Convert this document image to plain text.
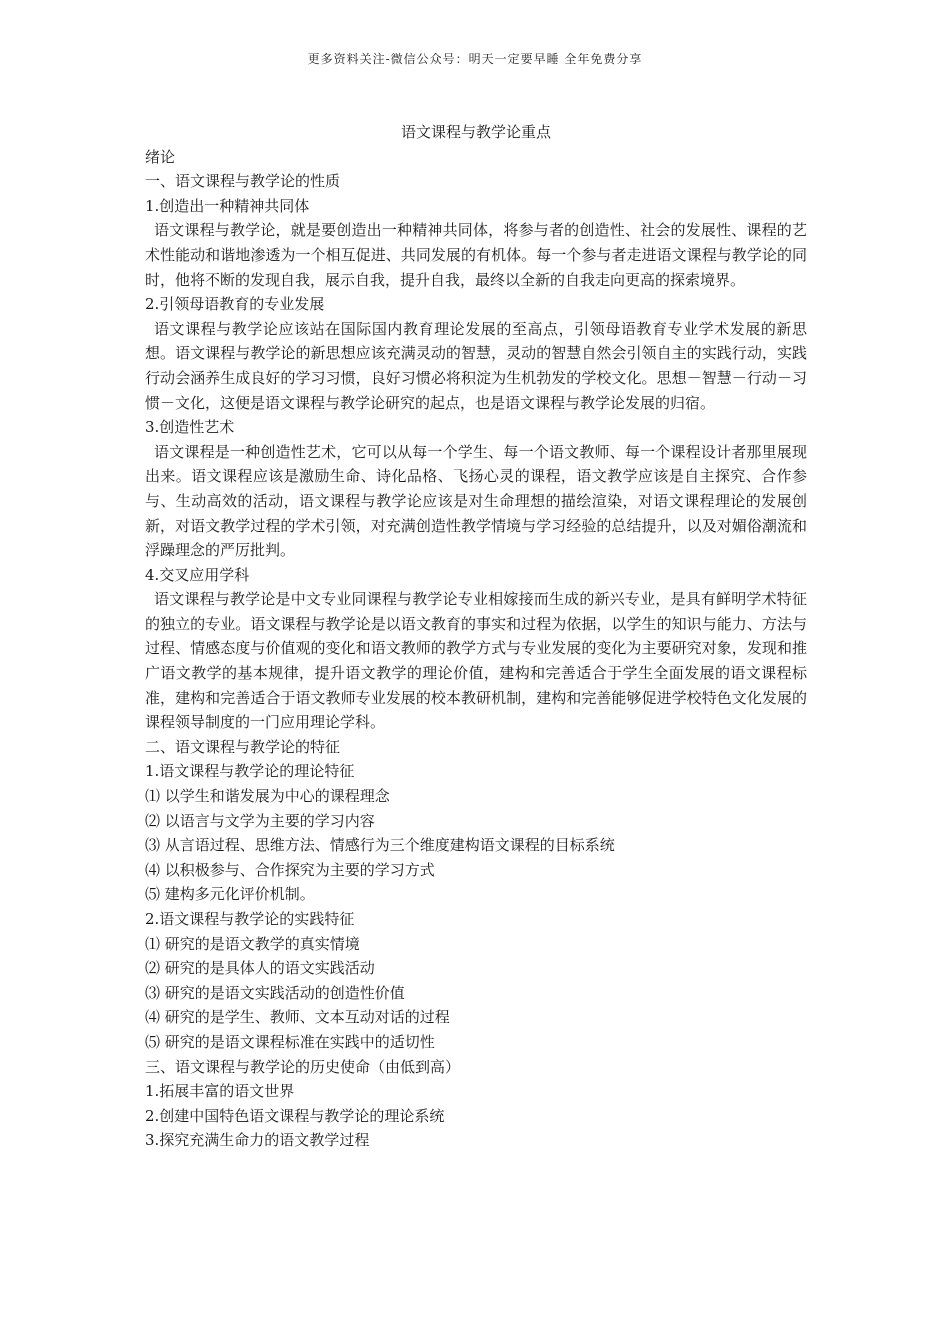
更多资料关注-微信公众号：明天一定要早睡 全年免费分享

语文课程与教学论重点

绪论

一、语文课程与教学论的性质

1.创造出一种精神共同体

语文课程与教学论，就是要创造出一种精神共同体，将参与者的创造性、社会的发展性、课程的艺术性能动和谐地渗透为一个相互促进、共同发展的有机体。每一个参与者走进语文课程与教学论的同时，他将不断的发现自我，展示自我，提升自我，最终以全新的自我走向更高的探索境界。

2.引领母语教育的专业发展

语文课程与教学论应该站在国际国内教育理论发展的至高点，引领母语教育专业学术发展的新思想。语文课程与教学论的新思想应该充满灵动的智慧，灵动的智慧自然会引领自主的实践行动，实践行动会涵养生成良好的学习习惯，良好习惯必将积淀为生机勃发的学校文化。思想－智慧－行动－习惯－文化，这便是语文课程与教学论研究的起点，也是语文课程与教学论发展的归宿。

3.创造性艺术

语文课程是一种创造性艺术，它可以从每一个学生、每一个语文教师、每一个课程设计者那里展现出来。语文课程应该是激励生命、诗化品格、飞扬心灵的课程，语文教学应该是自主探究、合作参与、生动高效的活动，语文课程与教学论应该是对生命理想的描绘渲染，对语文课程理论的发展创新，对语文教学过程的学术引领，对充满创造性教学情境与学习经验的总结提升，以及对媚俗潮流和浮躁理念的严厉批判。

4.交叉应用学科

语文课程与教学论是中文专业同课程与教学论专业相嫁接而生成的新兴专业，是具有鲜明学术特征的独立的专业。语文课程与教学论是以语文教育的事实和过程为依据，以学生的知识与能力、方法与过程、情感态度与价值观的变化和语文教师的教学方式与专业发展的变化为主要研究对象，发现和推广语文教学的基本规律，提升语文教学的理论价值，建构和完善适合于学生全面发展的语文课程标准，建构和完善适合于语文教师专业发展的校本教研机制，建构和完善能够促进学校特色文化发展的课程领导制度的一门应用理论学科。

二、语文课程与教学论的特征

1.语文课程与教学论的理论特征

⑴ 以学生和谐发展为中心的课程理念

⑵ 以语言与文学为主要的学习内容

⑶ 从言语过程、思维方法、情感行为三个维度建构语文课程的目标系统

⑷ 以积极参与、合作探究为主要的学习方式

⑸ 建构多元化评价机制。

2.语文课程与教学论的实践特征

⑴ 研究的是语文教学的真实情境

⑵ 研究的是具体人的语文实践活动

⑶ 研究的是语文实践活动的创造性价值

⑷ 研究的是学生、教师、文本互动对话的过程

⑸ 研究的是语文课程标准在实践中的适切性

三、语文课程与教学论的历史使命（由低到高）

1.拓展丰富的语文世界

2.创建中国特色语文课程与教学论的理论系统

3.探究充满生命力的语文教学过程
